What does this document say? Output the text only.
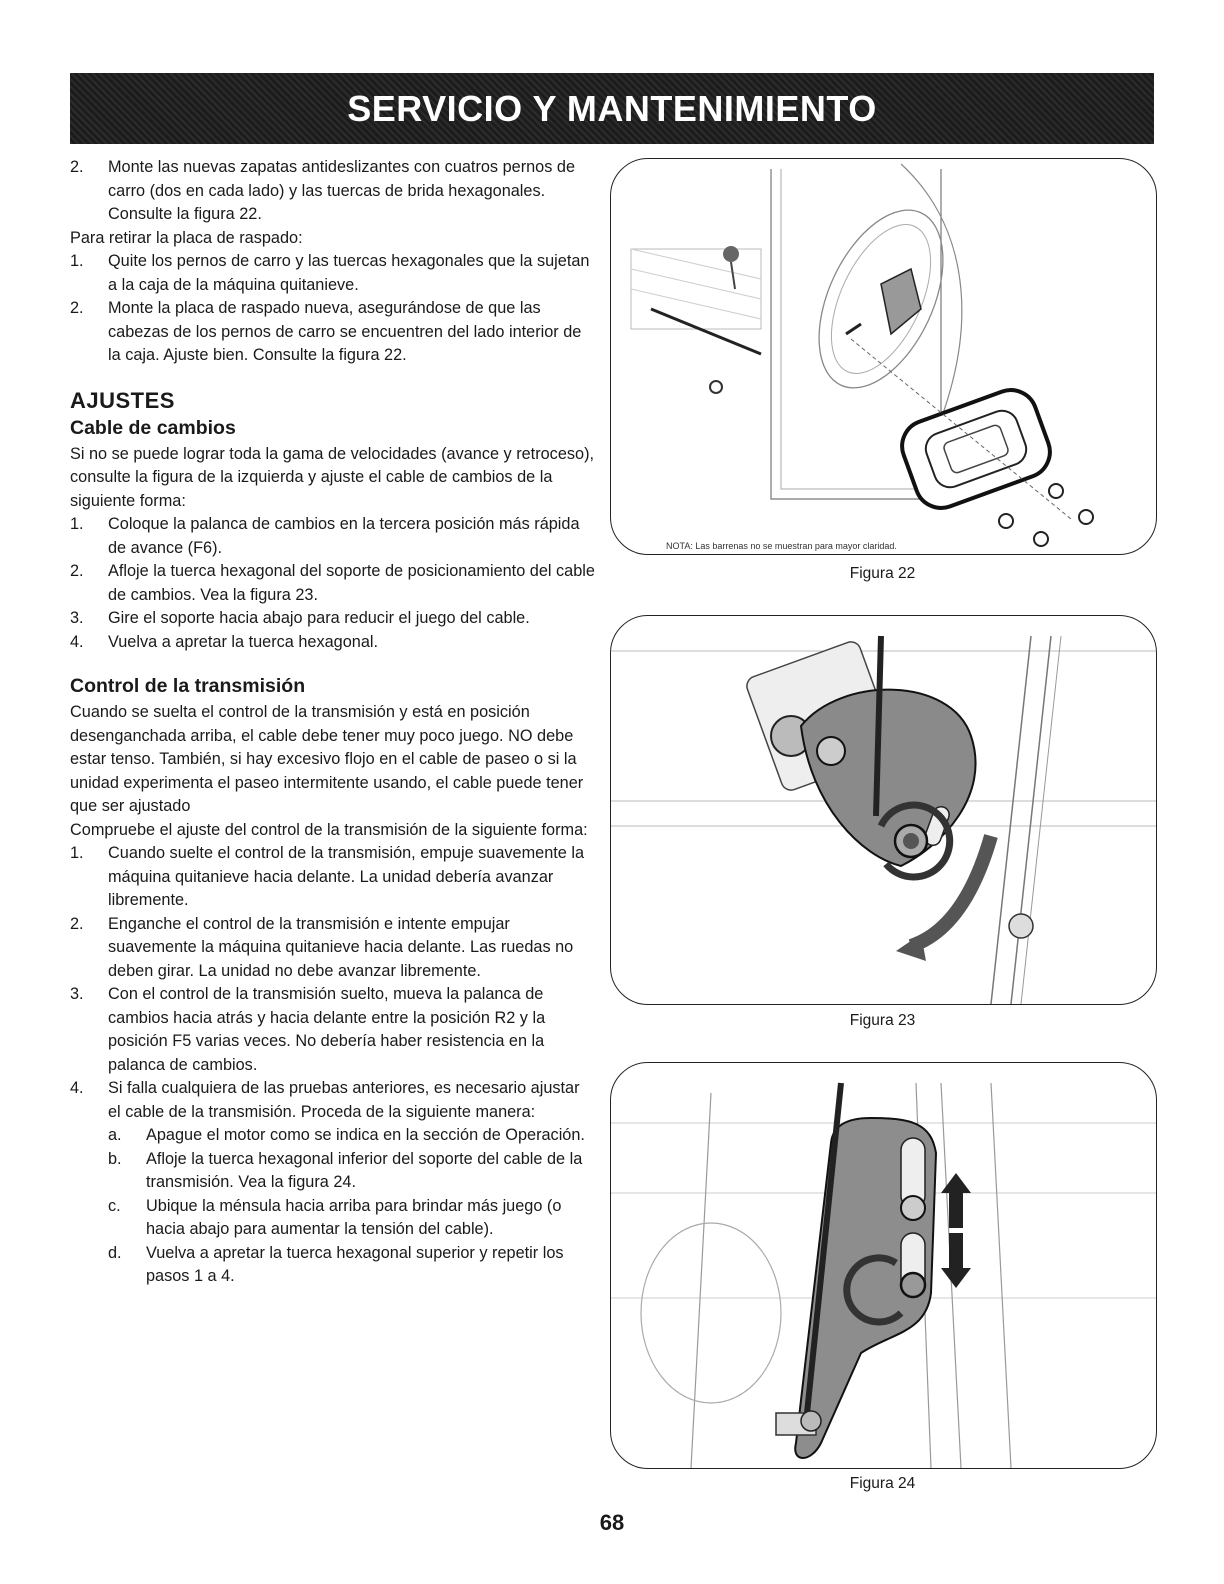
SERVICIO Y MANTENIMIENTO
2. Monte las nuevas zapatas antideslizantes con cuatros pernos de carro (dos en cada lado) y las tuercas de brida hexagonales. Consulte la figura 22.

Para retirar la placa de raspado:

1. Quite los pernos de carro y las tuercas hexagonales que la sujetan a la caja de la máquina quitanieve.
2. Monte la placa de raspado nueva, asegurándose de que las cabezas de los pernos de carro se encuentren del lado interior de la caja. Ajuste bien. Consulte la figura 22.
AJUSTES
Cable de cambios

Si no se puede lograr toda la gama de velocidades (avance y retroceso), consulte la figura de la izquierda y ajuste el cable de cambios de la siguiente forma:

1. Coloque la palanca de cambios en la tercera posición más rápida de avance (F6).
2. Afloje la tuerca hexagonal del soporte de posicionamiento del cable de cambios. Vea la figura 23.
3. Gire el soporte hacia abajo para reducir el juego del cable.
4. Vuelva a apretar la tuerca hexagonal.
Control de la transmisión

Cuando se suelta el control de la transmisión y está en posición desenganchada arriba, el cable debe tener muy poco juego. NO debe estar tenso. También, si hay excesivo flojo en el cable de paseo o si la unidad experimenta el paseo intermitente usando, el cable puede tener que ser ajustado

Compruebe el ajuste del control de la transmisión de la siguiente forma:

1. Cuando suelte el control de la transmisión, empuje suavemente la máquina quitanieve hacia delante. La unidad debería avanzar libremente.
2. Enganche el control de la transmisión e intente empujar suavemente la máquina quitanieve hacia delante. Las ruedas no deben girar. La unidad no debe avanzar libremente.
3. Con el control de la transmisión suelto, mueva la palanca de cambios hacia atrás y hacia delante entre la posición R2 y la posición F5 varias veces. No debería haber resistencia en la palanca de cambios.
4. Si falla cualquiera de las pruebas anteriores, es necesario ajustar el cable de la transmisión. Proceda de la siguiente manera:
a. Apague el motor como se indica en la sección de Operación.
b. Afloje la tuerca hexagonal inferior del soporte del cable de la transmisión. Vea la figura 24.
c. Ubique la ménsula hacia arriba para brindar más juego (o hacia abajo para aumentar la tensión del cable).
d. Vuelva a apretar la tuerca hexagonal superior y repetir los pasos 1 a 4.
NOTA: Las barrenas no se muestran para mayor claridad.
Figura 22
Figura 23
Figura 24
68
